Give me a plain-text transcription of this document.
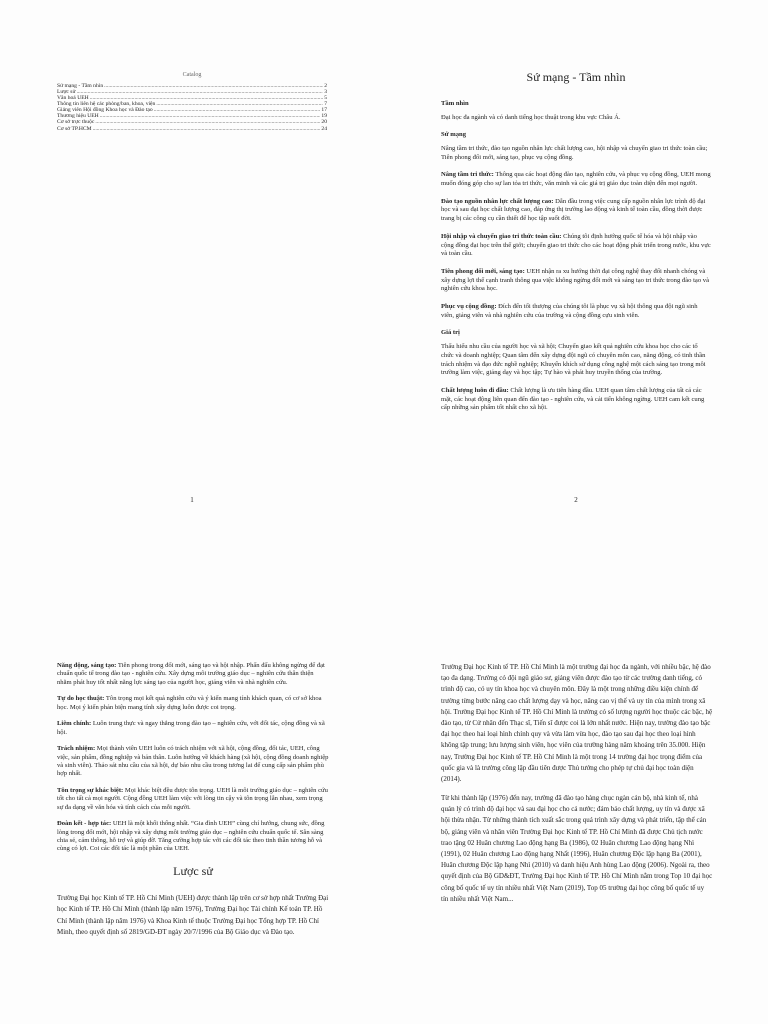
Catalog
Sứ mạng - Tầm nhìn .....	2
Lược sử .....	3
Văn hoá UEH .....	5
Thông tin liên hệ các phòng/ban, khoa, viện .....	7
Giảng viên Hội đồng Khoa học và Đào tạo .....	17
Thương hiệu UEH .....	19
Cơ sở trực thuộc .....	20
Cơ sở TP.HCM .....	24
1
Sứ mạng - Tầm nhìn
Tầm nhìn
Đại học đa ngành và có danh tiếng học thuật trong khu vực Châu Á.
Sứ mạng
Nâng tầm tri thức, đào tạo nguồn nhân lực chất lượng cao, hội nhập và chuyển giao tri thức toàn cầu; Tiên phong đổi mới, sáng tạo, phục vụ cộng đồng.
Nâng tầm tri thức: Thông qua các hoạt động đào tạo, nghiên cứu, và phục vụ cộng đồng, UEH mong muốn đóng góp cho sự lan tỏa tri thức, văn minh và các giá trị giáo dục toàn diện đến mọi người.
Đào tạo nguồn nhân lực chất lượng cao: Dẫn đầu trong việc cung cấp nguồn nhân lực trình độ đại học và sau đại học chất lượng cao, đáp ứng thị trường lao động và kinh tế toàn cầu, đồng thời được trang bị các công cụ cần thiết để học tập suốt đời.
Hội nhập và chuyển giao tri thức toàn cầu: Chúng tôi định hướng quốc tế hóa và hội nhập vào cộng đồng đại học trên thế giới; chuyển giao tri thức cho các hoạt động phát triển trong nước, khu vực và toàn cầu.
Tiên phong đổi mới, sáng tạo: UEH nhận ra xu hướng thời đại công nghệ thay đổi nhanh chóng và xây dựng lợi thế cạnh tranh thông qua việc không ngừng đổi mới và sáng tạo tri thức trong đào tạo và nghiên cứu khoa học.
Phục vụ cộng đồng: Đích đến tối thượng của chúng tôi là phục vụ xã hội thông qua đội ngũ sinh viên, giảng viên và nhà nghiên cứu của trường và cộng đồng cựu sinh viên.
Giá trị
Thấu hiểu nhu cầu của người học và xã hội; Chuyển giao kết quả nghiên cứu khoa học cho các tổ chức và doanh nghiệp; Quan tâm đến xây dựng đội ngũ có chuyên môn cao, năng động, có tinh thần trách nhiệm và đạo đức nghề nghiệp; Khuyến khích sử dụng công nghệ một cách sáng tạo trong môi trường làm việc, giảng dạy và học tập; Tự hào và phát huy truyền thống của trường.
Chất lượng luôn đi đầu: Chất lượng là ưu tiên hàng đầu. UEH quan tâm chất lượng của tất cả các mặt, các hoạt động liên quan đến đào tạo - nghiên cứu, và cải tiến không ngừng. UEH cam kết cung cấp những sản phẩm tốt nhất cho xã hội.
2
Năng động, sáng tạo: Tiên phong trong đổi mới, sáng tạo và hội nhập. Phấn đấu không ngừng để đạt chuẩn quốc tế trong đào tạo - nghiên cứu. Xây dựng môi trường giáo dục – nghiên cứu thân thiện nhằm phát huy tốt nhất năng lực sáng tạo của người học, giảng viên và nhà nghiên cứu.
Tự do học thuật: Tôn trọng mọi kết quả nghiên cứu và ý kiến mang tính khách quan, có cơ sở khoa học. Mọi ý kiến phản biện mang tính xây dựng luôn được coi trọng.
Liêm chính: Luôn trung thực và ngay thẳng trong đào tạo – nghiên cứu, với đối tác, cộng đồng và xã hội.
Trách nhiệm: Mọi thành viên UEH luôn có trách nhiệm với xã hội, cộng đồng, đối tác, UEH, công việc, sản phẩm, đồng nghiệp và bản thân. Luôn hướng về khách hàng (xã hội, cộng đồng doanh nghiệp và sinh viên). Thảo sát nhu cầu của xã hội, dự báo nhu cầu trong tương lai để cung cấp sản phẩm phù hợp nhất.
Tôn trọng sự khác biệt: Mọi khác biệt đều được tôn trọng. UEH là môi trường giáo dục – nghiên cứu tốt cho tất cả mọi người. Cộng đồng UEH làm việc với lòng tin cậy và tôn trọng lẫn nhau, xem trọng sự đa dạng về văn hóa và tính cách của mỗi người.
Đoàn kết - hợp tác: UEH là một khối thống nhất. “Gia đình UEH” cùng chí hướng, chung sức, đồng lòng trong đổi mới, hội nhập và xây dựng môi trường giáo dục – nghiên cứu chuẩn quốc tế. Sẵn sàng chia sẻ, cảm thông, hỗ trợ và giúp đỡ. Tăng cường hợp tác với các đối tác theo tinh thần tương hỗ và cùng có lợi. Coi các đối tác là một phần của UEH.
Lược sử
Trường Đại học Kinh tế TP. Hồ Chí Minh (UEH) được thành lập trên cơ sở hợp nhất Trường Đại học Kinh tế TP. Hồ Chí Minh (thành lập năm 1976), Trường Đại học Tài chính Kế toán TP. Hồ Chí Minh (thành lập năm 1976) và Khoa Kinh tế thuộc Trường Đại học Tổng hợp TP. Hồ Chí Minh, theo quyết định số 2819/GD-ĐT ngày 20/7/1996 của Bộ Giáo dục và Đào tạo.
Trường Đại học Kinh tế TP. Hồ Chí Minh là một trường đại học đa ngành, với nhiều bậc, hệ đào tạo đa dạng. Trường có đội ngũ giáo sư, giảng viên được đào tạo từ các trường danh tiếng, có trình độ cao, có uy tín khoa học và chuyên môn. Đây là một trong những điều kiện chính để trường từng bước nâng cao chất lượng dạy và học, nâng cao vị thế và uy tín của mình trong xã hội. Trường Đại học Kinh tế TP. Hồ Chí Minh là trường có số lượng người học thuộc các bậc, hệ đào tạo, từ Cử nhân đến Thạc sĩ, Tiến sĩ được coi là lớn nhất nước. Hiện nay, trường đào tạo bậc đại học theo hai loại hình chính quy và vừa làm vừa học, đào tạo sau đại học theo loại hình không tập trung; lưu lượng sinh viên, học viên của trường hàng năm khoảng trên 35.000. Hiện nay, Trường Đại học Kinh tế TP. Hồ Chí Minh là một trong 14 trường đại học trọng điểm của quốc gia và là trường công lập đầu tiên được Thủ tướng cho phép tự chủ đại học toàn diện (2014).
Từ khi thành lập (1976) đến nay, trường đã đào tạo hàng chục ngàn cán bộ, nhà kinh tế, nhà quản lý có trình độ đại học và sau đại học cho cả nước; đảm bảo chất lượng, uy tín và được xã hội thừa nhận. Từ những thành tích xuất sắc trong quá trình xây dựng và phát triển, tập thể cán bộ, giảng viên và nhân viên Trường Đại học Kinh tế TP. Hồ Chí Minh đã được Chủ tịch nước trao tặng 02 Huân chương Lao động hạng Ba (1986), 02 Huân chương Lao động hạng Nhì (1991), 02 Huân chương Lao động hạng Nhất (1996), Huân chương Độc lập hạng Ba (2001), Huân chương Độc lập hạng Nhì (2010) và danh hiệu Anh hùng Lao động (2006). Ngoài ra, theo quyết định của Bộ GD&ĐT, Trường Đại học Kinh tế TP. Hồ Chí Minh nằm trong Top 10 đại học công bố quốc tế uy tín nhiều nhất Việt Nam (2019), Top 05 trường đại học công bố quốc tế uy tín nhiều nhất Việt Nam...
